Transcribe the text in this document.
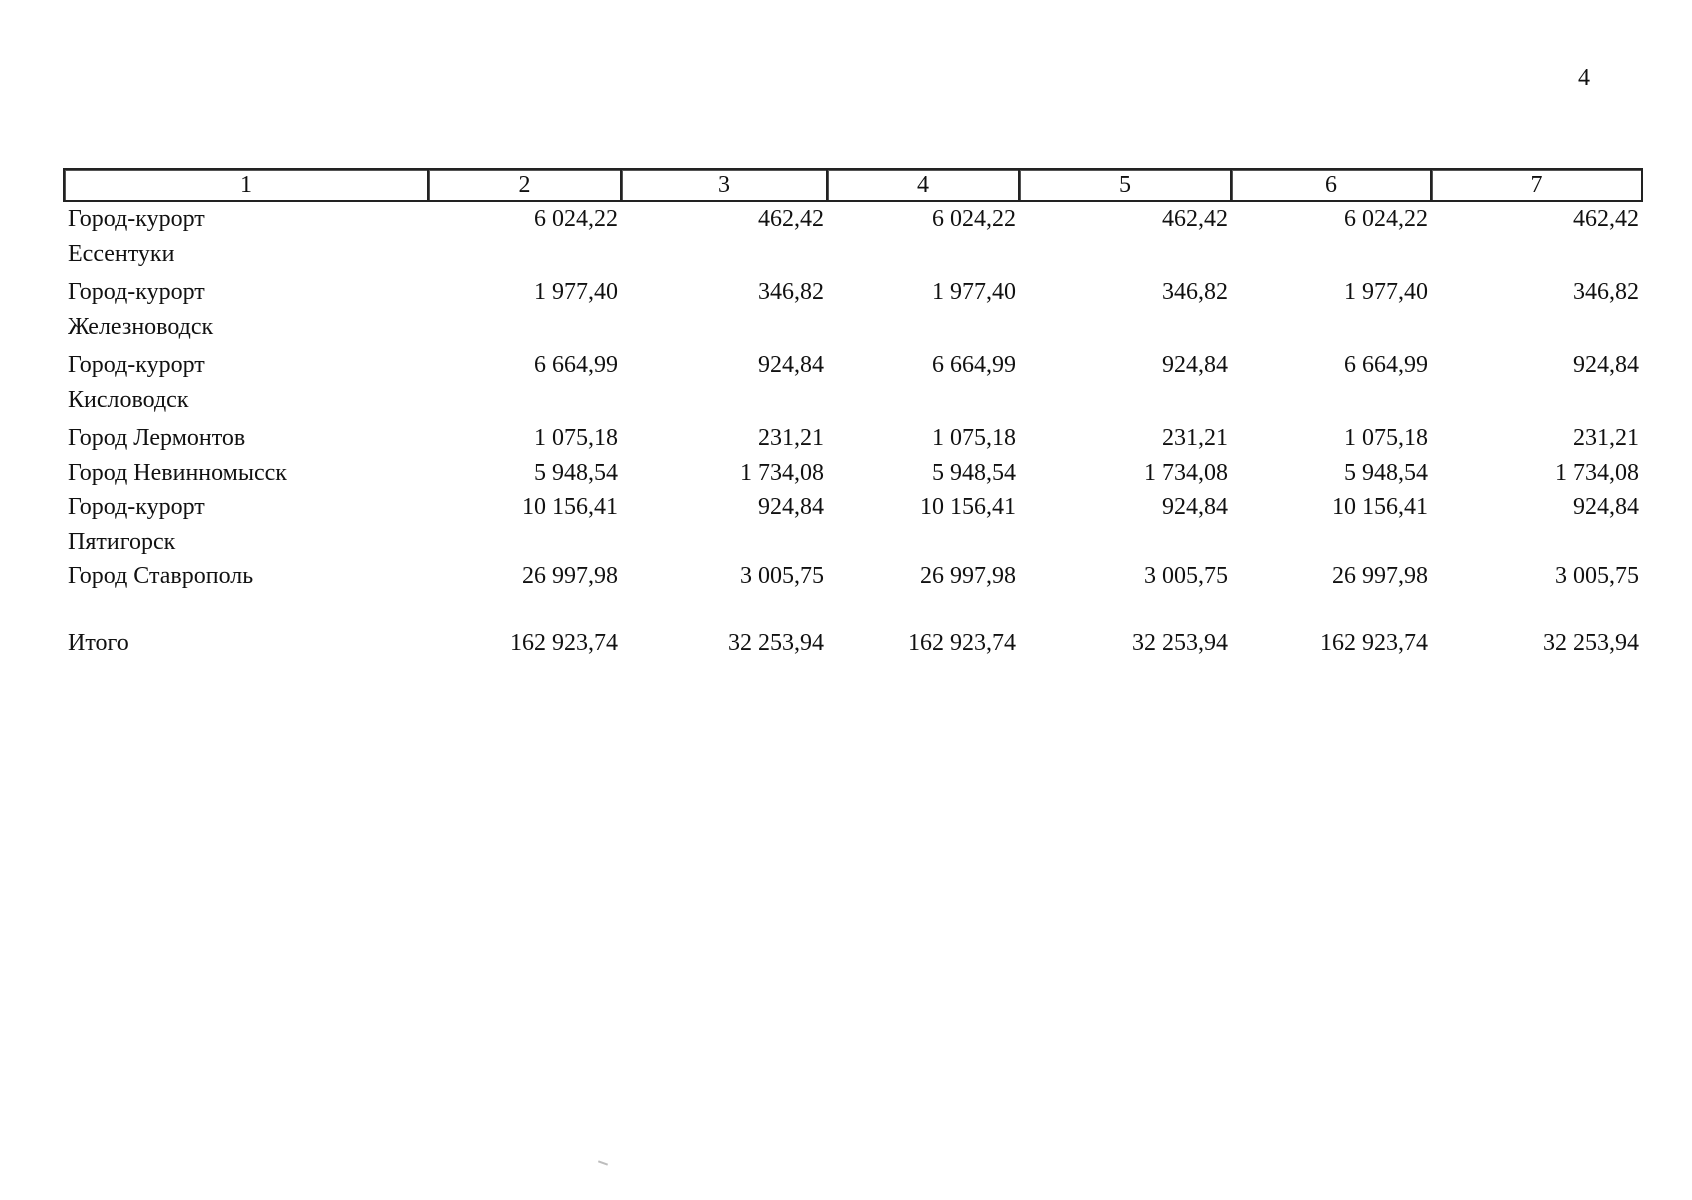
4
1	2	3	4	5	6	7
Город-курорт	6 024,22	462,42	6 024,22	462,42	6 024,22	462,42
Ессентуки						
Город-курорт	1 977,40	346,82	1 977,40	346,82	1 977,40	346,82
Железноводск						
Город-курорт	6 664,99	924,84	6 664,99	924,84	6 664,99	924,84
Кисловодск						
Город Лермонтов	1 075,18	231,21	1 075,18	231,21	1 075,18	231,21
Город Невинномысск	5 948,54	1 734,08	5 948,54	1 734,08	5 948,54	1 734,08
Город-курорт	10 156,41	924,84	10 156,41	924,84	10 156,41	924,84
Пятигорск						
Город Ставрополь	26 997,98	3 005,75	26 997,98	3 005,75	26 997,98	3 005,75
Итого	162 923,74	32 253,94	162 923,74	32 253,94	162 923,74	32 253,94
